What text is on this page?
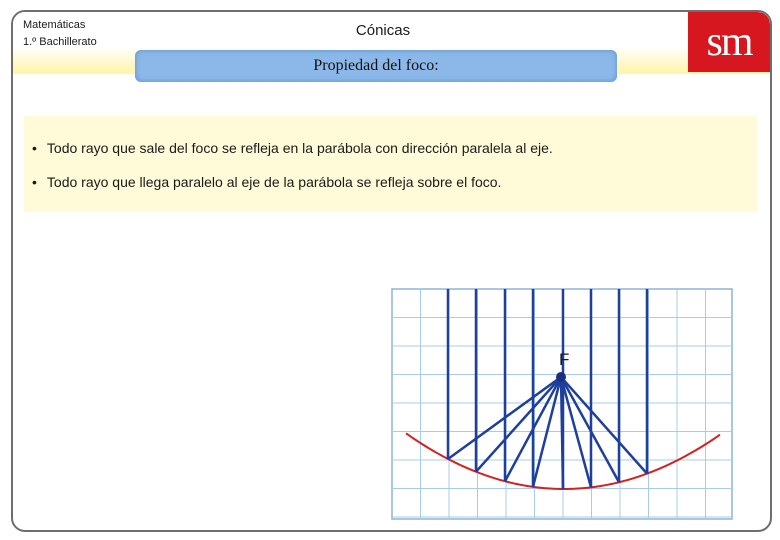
Matemáticas
1.º Bachillerato
Cónicas	sm
Propiedad del foco:
• Todo rayo que sale del foco se refleja en la parábola con dirección paralela al eje.
• Todo rayo que llega paralelo al eje de la parábola se refleja sobre el foco.
F
